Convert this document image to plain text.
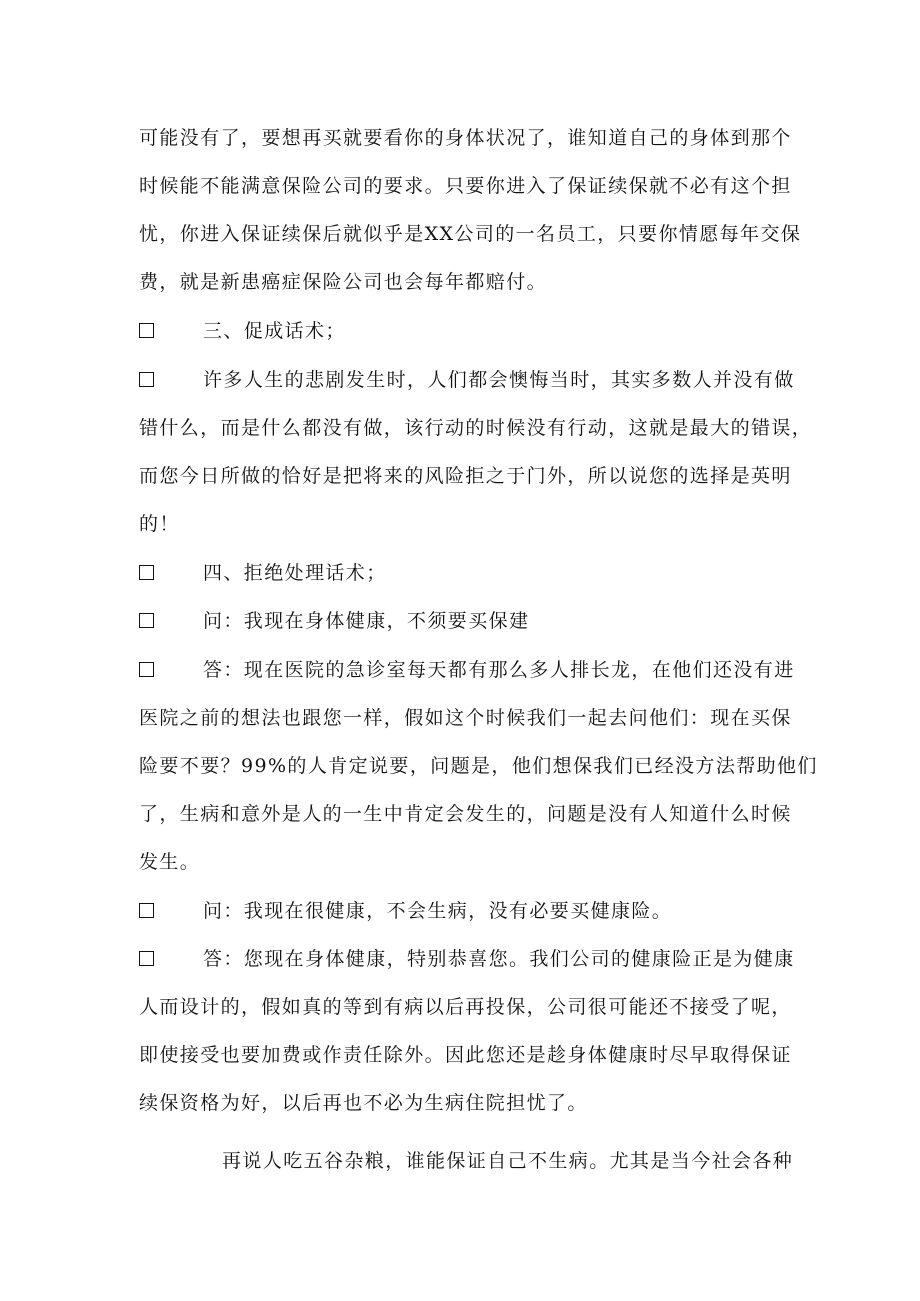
可能没有了，要想再买就要看你的身体状况了，谁知道自己的身体到那个
时候能不能满意保险公司的要求。只要你进入了保证续保就不必有这个担
忧，你进入保证续保后就似乎是XX公司的一名员工，只要你情愿每年交保
费，就是新患癌症保险公司也会每年都赔付。
三、促成话术；
许多人生的悲剧发生时，人们都会懊悔当时，其实多数人并没有做
错什么，而是什么都没有做，该行动的时候没有行动，这就是最大的错误，
而您今日所做的恰好是把将来的风险拒之于门外，所以说您的选择是英明
的！
四、拒绝处理话术；
问：我现在身体健康，不须要买保建
答：现在医院的急诊室每天都有那么多人排长龙，在他们还没有进
医院之前的想法也跟您一样，假如这个时候我们一起去问他们：现在买保
险要不要？99%的人肯定说要，问题是，他们想保我们已经没方法帮助他们
了，生病和意外是人的一生中肯定会发生的，问题是没有人知道什么时候
发生。
问：我现在很健康，不会生病，没有必要买健康险。
答：您现在身体健康，特别恭喜您。我们公司的健康险正是为健康
人而设计的，假如真的等到有病以后再投保，公司很可能还不接受了呢，
即使接受也要加费或作责任除外。因此您还是趁身体健康时尽早取得保证
续保资格为好，以后再也不必为生病住院担忧了。
再说人吃五谷杂粮，谁能保证自己不生病。尤其是当今社会各种
